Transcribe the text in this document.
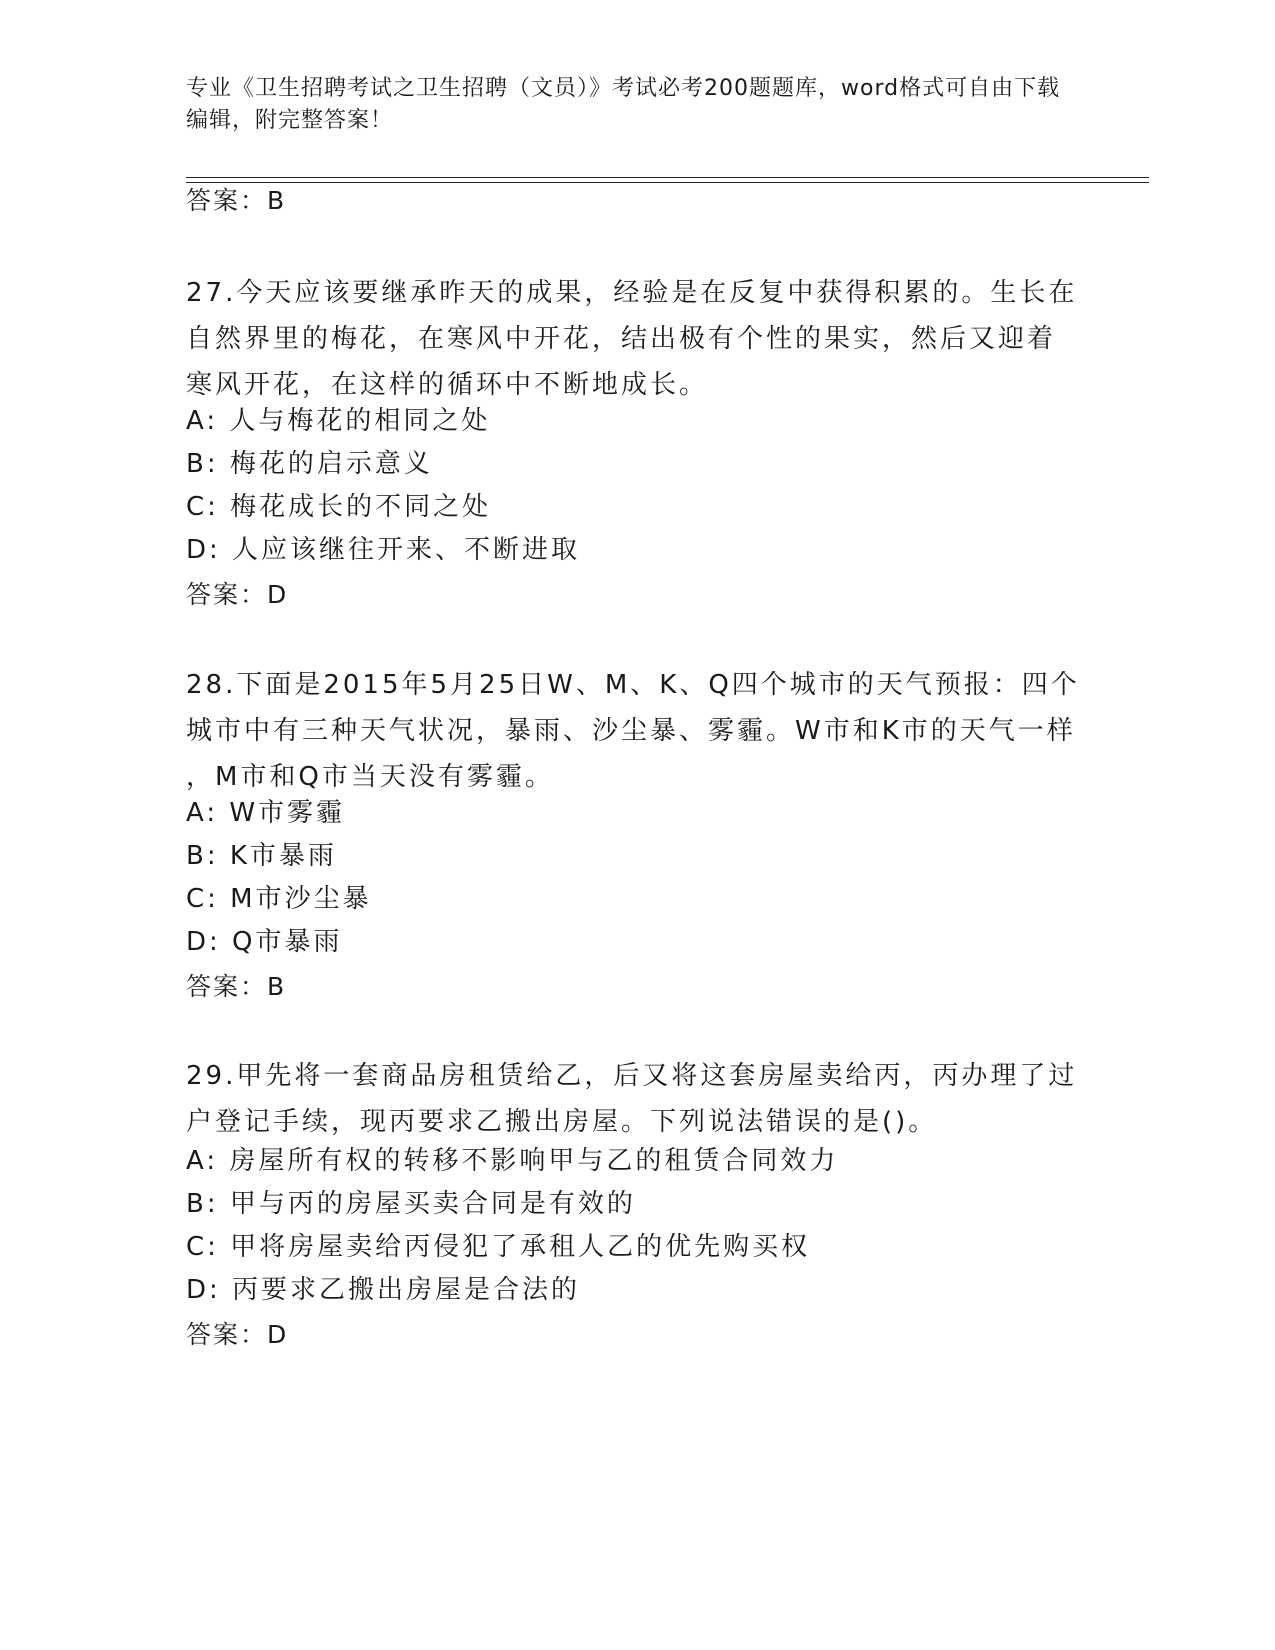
专业《卫生招聘考试之卫生招聘（文员）》考试必考200题题库，word格式可自由下载编辑，附完整答案！
答案：B
27.今天应该要继承昨天的成果，经验是在反复中获得积累的。生长在
自然界里的梅花，在寒风中开花，结出极有个性的果实，然后又迎着
寒风开花，在这样的循环中不断地成长。
A: 人与梅花的相同之处
B: 梅花的启示意义
C: 梅花成长的不同之处
D: 人应该继往开来、不断进取
答案：D
28.下面是2015年5月25日W、M、K、Q四个城市的天气预报：四个
城市中有三种天气状况，暴雨、沙尘暴、雾霾。W市和K市的天气一样
，M市和Q市当天没有雾霾。
A: W市雾霾
B: K市暴雨
C: M市沙尘暴
D: Q市暴雨
答案：B
29.甲先将一套商品房租赁给乙，后又将这套房屋卖给丙，丙办理了过
户登记手续，现丙要求乙搬出房屋。下列说法错误的是()。
A: 房屋所有权的转移不影响甲与乙的租赁合同效力
B: 甲与丙的房屋买卖合同是有效的
C: 甲将房屋卖给丙侵犯了承租人乙的优先购买权
D: 丙要求乙搬出房屋是合法的
答案：D
